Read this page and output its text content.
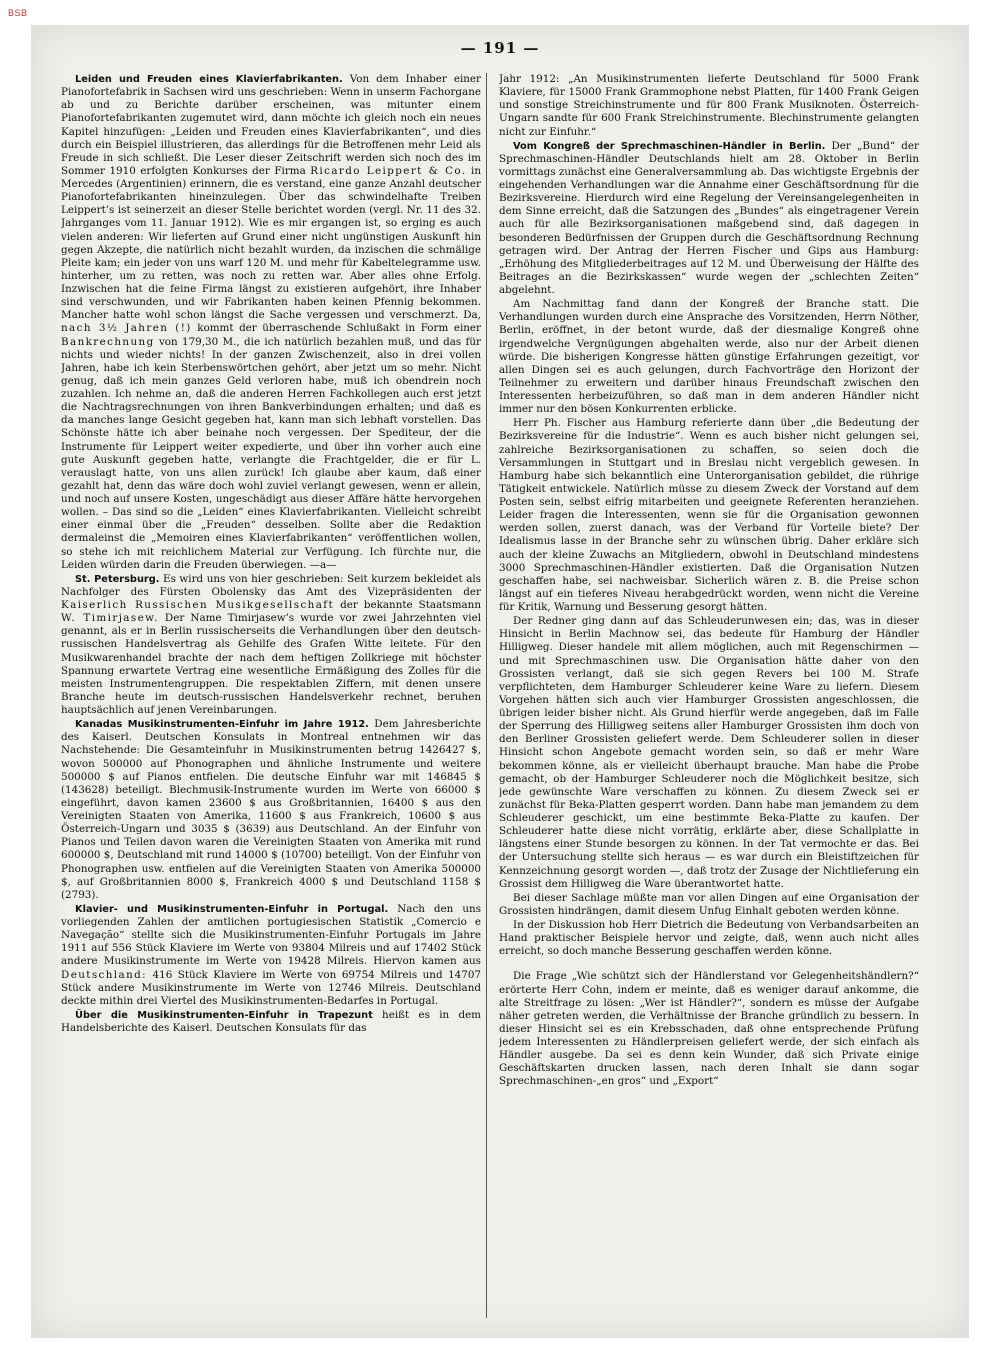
BSB
— 191 —

Leiden und Freuden eines Klavierfabrikanten. Von dem Inhaber einer Pianofortefabrik in Sachsen wird uns geschrieben: Wenn in unserm Fachorgane ab und zu Berichte darüber erscheinen, was mitunter einem Pianofortefabrikanten zugemutet wird, dann möchte ich gleich noch ein neues Kapitel hinzufügen: „Leiden und Freuden eines Klavierfabrikanten“, und dies durch ein Beispiel illustrieren, das allerdings für die Betroffenen mehr Leid als Freude in sich schließt. Die Leser dieser Zeitschrift werden sich noch des im Sommer 1910 erfolgten Konkurses der Firma Ricardo Leippert & Co. in Mercedes (Argentinien) erinnern, die es verstand, eine ganze Anzahl deutscher Pianofortefabrikanten hineinzulegen. Über das schwindelhafte Treiben Leippert’s ist seinerzeit an dieser Stelle berichtet worden (vergl. Nr. 11 des 32. Jahrganges vom 11. Januar 1912). Wie es mir ergangen ist, so erging es auch vielen anderen: Wir lieferten auf Grund einer nicht ungünstigen Auskunft hin gegen Akzepte, die natürlich nicht bezahlt wurden, da inzischen die schmälige Pleite kam; ein jeder von uns warf 120 M. und mehr für Kabeltelegramme usw. hinterher, um zu retten, was noch zu retten war. Aber alles ohne Erfolg. Inzwischen hat die feine Firma längst zu existieren aufgehört, ihre Inhaber sind verschwunden, und wir Fabrikanten haben keinen Pfennig bekommen. Mancher hatte wohl schon längst die Sache vergessen und verschmerzt. Da, nach 3½ Jahren (!) kommt der überraschende Schlußakt in Form einer Bankrechnung von 179,30 M., die ich natürlich bezahlen muß, und das für nichts und wieder nichts! In der ganzen Zwischenzeit, also in drei vollen Jahren, habe ich kein Sterbenswörtchen gehört, aber jetzt um so mehr. Nicht genug, daß ich mein ganzes Geld verloren habe, muß ich obendrein noch zuzahlen. Ich nehme an, daß die anderen Herren Fachkollegen auch erst jetzt die Nachtragsrechnungen von ihren Bankverbindungen erhalten; und daß es da manches lange Gesicht gegeben hat, kann man sich lebhaft vorstellen. Das Schönste hätte ich aber beinahe noch vergessen. Der Spediteur, der die Instrumente für Leippert weiter expedierte, und über ihn vorher auch eine gute Auskunft gegeben hatte, verlangte die Frachtgelder, die er für L. verauslagt hatte, von uns allen zurück! Ich glaube aber kaum, daß einer gezahlt hat, denn das wäre doch wohl zuviel verlangt gewesen, wenn er allein, und noch auf unsere Kosten, ungeschädigt aus dieser Affäre hätte hervorgehen wollen. – Das sind so die „Leiden“ eines Klavierfabrikanten. Vielleicht schreibt einer einmal über die „Freuden“ desselben. Sollte aber die Redaktion dermaleinst die „Memoiren eines Klavierfabrikanten“ veröffentlichen wollen, so stehe ich mit reichlichem Material zur Verfügung. Ich fürchte nur, die Leiden würden darin die Freuden überwiegen. —a—

St. Petersburg. Es wird uns von hier geschrieben: Seit kurzem bekleidet als Nachfolger des Fürsten Obolensky das Amt des Vizepräsidenten der Kaiserlich Russischen Musikgesellschaft der bekannte Staatsmann W. Timirjasew. Der Name Timirjasew’s wurde vor zwei Jahrzehnten viel genannt, als er in Berlin russischerseits die Verhandlungen über den deutsch-russischen Handelsvertrag als Gehilfe des Grafen Witte leitete. Für den Musikwarenhandel brachte der nach dem heftigen Zollkriege mit höchster Spannung erwartete Vertrag eine wesentliche Ermäßigung des Zolles für die meisten Instrumentengruppen. Die respektablen Ziffern, mit denen unsere Branche heute im deutsch-russischen Handelsverkehr rechnet, beruhen hauptsächlich auf jenen Vereinbarungen.

Kanadas Musikinstrumenten-Einfuhr im Jahre 1912. Dem Jahresberichte des Kaiserl. Deutschen Konsulats in Montreal entnehmen wir das Nachstehende: Die Gesamteinfuhr in Musikinstrumenten betrug 1426427 $, wovon 500000 auf Phonographen und ähnliche Instrumente und weitere 500000 $ auf Pianos entfielen. Die deutsche Einfuhr war mit 146845 $ (143628) beteiligt. Blechmusik-Instrumente wurden im Werte von 66000 $ eingeführt, davon kamen 23600 $ aus Großbritannien, 16400 $ aus den Vereinigten Staaten von Amerika, 11600 $ aus Frankreich, 10600 $ aus Österreich-Ungarn und 3035 $ (3639) aus Deutschland. An der Einfuhr von Pianos und Teilen davon waren die Vereinigten Staaten von Amerika mit rund 600000 $, Deutschland mit rund 14000 $ (10700) beteiligt. Von der Einfuhr von Phonographen usw. entfielen auf die Vereinigten Staaten von Amerika 500000 $, auf Großbritannien 8000 $, Frankreich 4000 $ und Deutschland 1158 $ (2793).

Klavier- und Musikinstrumenten-Einfuhr in Portugal. Nach den uns vorliegenden Zahlen der amtlichen portugiesischen Statistik „Comercio e Navegação“ stellte sich die Musikinstrumenten-Einfuhr Portugals im Jahre 1911 auf 556 Stück Klaviere im Werte von 93804 Milreis und auf 17402 Stück andere Musikinstrumente im Werte von 19428 Milreis. Hiervon kamen aus Deutschland: 416 Stück Klaviere im Werte von 69754 Milreis und 14707 Stück andere Musikinstrumente im Werte von 12746 Milreis. Deutschland deckte mithin drei Viertel des Musikinstrumenten-Bedarfes in Portugal.

Über die Musikinstrumenten-Einfuhr in Trapezunt heißt es in dem Handelsberichte des Kaiserl. Deutschen Konsulats für das

Jahr 1912: „An Musikinstrumenten lieferte Deutschland für 5000 Frank Klaviere, für 15000 Frank Grammophone nebst Platten, für 1400 Frank Geigen und sonstige Streichinstrumente und für 800 Frank Musiknoten. Österreich-Ungarn sandte für 600 Frank Streichinstrumente. Blechinstrumente gelangten nicht zur Einfuhr.“

Vom Kongreß der Sprechmaschinen-Händler in Berlin. Der „Bund“ der Sprechmaschinen-Händler Deutschlands hielt am 28. Oktober in Berlin vormittags zunächst eine Generalversammlung ab. Das wichtigste Ergebnis der eingehenden Verhandlungen war die Annahme einer Geschäftsordnung für die Bezirksvereine. Hierdurch wird eine Regelung der Vereinsangelegenheiten in dem Sinne erreicht, daß die Satzungen des „Bundes“ als eingetragener Verein auch für alle Bezirksorganisationen maßgebend sind, daß dagegen in besonderen Bedürfnissen der Gruppen durch die Geschäftsordnung Rechnung getragen wird. Der Antrag der Herren Fischer und Gips aus Hamburg: „Erhöhung des Mitgliederbeitrages auf 12 M. und Überweisung der Hälfte des Beitrages an die Bezirkskassen“ wurde wegen der „schlechten Zeiten“ abgelehnt.

Am Nachmittag fand dann der Kongreß der Branche statt. Die Verhandlungen wurden durch eine Ansprache des Vorsitzenden, Herrn Nöther, Berlin, eröffnet, in der betont wurde, daß der diesmalige Kongreß ohne irgendwelche Vergnügungen abgehalten werde, also nur der Arbeit dienen würde. Die bisherigen Kongresse hätten günstige Erfahrungen gezeitigt, vor allen Dingen sei es auch gelungen, durch Fachvorträge den Horizont der Teilnehmer zu erweitern und darüber hinaus Freundschaft zwischen den Interessenten herbeizuführen, so daß man in dem anderen Händler nicht immer nur den bösen Konkurrenten erblicke.

Herr Ph. Fischer aus Hamburg referierte dann über „die Bedeutung der Bezirksvereine für die Industrie“. Wenn es auch bisher nicht gelungen sei, zahlreiche Bezirksorganisationen zu schaffen, so seien doch die Versammlungen in Stuttgart und in Breslau nicht vergeblich gewesen. In Hamburg habe sich bekanntlich eine Unterorganisation gebildet, die rührige Tätigkeit entwickele. Natürlich müsse zu diesem Zweck der Vorstand auf dem Posten sein, selbst eifrig mitarbeiten und geeignete Referenten heranziehen. Leider fragen die Interessenten, wenn sie für die Organisation gewonnen werden sollen, zuerst danach, was der Verband für Vorteile biete? Der Idealismus lasse in der Branche sehr zu wünschen übrig. Daher erkläre sich auch der kleine Zuwachs an Mitgliedern, obwohl in Deutschland mindestens 3000 Sprechmaschinen-Händler existierten. Daß die Organisation Nutzen geschaffen habe, sei nachweisbar. Sicherlich wären z. B. die Preise schon längst auf ein tieferes Niveau herabgedrückt worden, wenn nicht die Vereine für Kritik, Warnung und Besserung gesorgt hätten.

Der Redner ging dann auf das Schleuderunwesen ein; das, was in dieser Hinsicht in Berlin Machnow sei, das bedeute für Hamburg der Händler Hilligweg. Dieser handele mit allem möglichen, auch mit Regenschirmen — und mit Sprechmaschinen usw. Die Organisation hätte daher von den Grossisten verlangt, daß sie sich gegen Revers bei 100 M. Strafe verpflichteten, dem Hamburger Schleuderer keine Ware zu liefern. Diesem Vorgehen hätten sich auch vier Hamburger Grossisten angeschlossen, die übrigen leider bisher nicht. Als Grund hierfür werde angegeben, daß im Falle der Sperrung des Hilligweg seitens aller Hamburger Grossisten ihm doch von den Berliner Grossisten geliefert werde. Dem Schleuderer sollen in dieser Hinsicht schon Angebote gemacht worden sein, so daß er mehr Ware bekommen könne, als er vielleicht überhaupt brauche. Man habe die Probe gemacht, ob der Hamburger Schleuderer noch die Möglichkeit besitze, sich jede gewünschte Ware verschaffen zu können. Zu diesem Zweck sei er zunächst für Beka-Platten gesperrt worden. Dann habe man jemandem zu dem Schleuderer geschickt, um eine bestimmte Beka-Platte zu kaufen. Der Schleuderer hatte diese nicht vorrätig, erklärte aber, diese Schallplatte in längstens einer Stunde besorgen zu können. In der Tat vermochte er das. Bei der Untersuchung stellte sich heraus — es war durch ein Bleistiftzeichen für Kennzeichnung gesorgt worden —, daß trotz der Zusage der Nichtlieferung ein Grossist dem Hilligweg die Ware überantwortet hatte.

Bei dieser Sachlage müßte man vor allen Dingen auf eine Organisation der Grossisten hindrängen, damit diesem Unfug Einhalt geboten werden könne.

In der Diskussion hob Herr Dietrich die Bedeutung von Verbandsarbeiten an Hand praktischer Beispiele hervor und zeigte, daß, wenn auch nicht alles erreicht, so doch manche Besserung geschaffen werden könne.

Die Frage „Wie schützt sich der Händlerstand vor Gelegenheitshändlern?“ erörterte Herr Cohn, indem er meinte, daß es weniger darauf ankomme, die alte Streitfrage zu lösen: „Wer ist Händler?“, sondern es müsse der Aufgabe näher getreten werden, die Verhältnisse der Branche gründlich zu bessern. In dieser Hinsicht sei es ein Krebsschaden, daß ohne entsprechende Prüfung jedem Interessenten zu Händlerpreisen geliefert werde, der sich einfach als Händler ausgebe. Da sei es denn kein Wunder, daß sich Private einige Geschäftskarten drucken lassen, nach deren Inhalt sie dann sogar Sprechmaschinen-„en gros“ und „Export“
